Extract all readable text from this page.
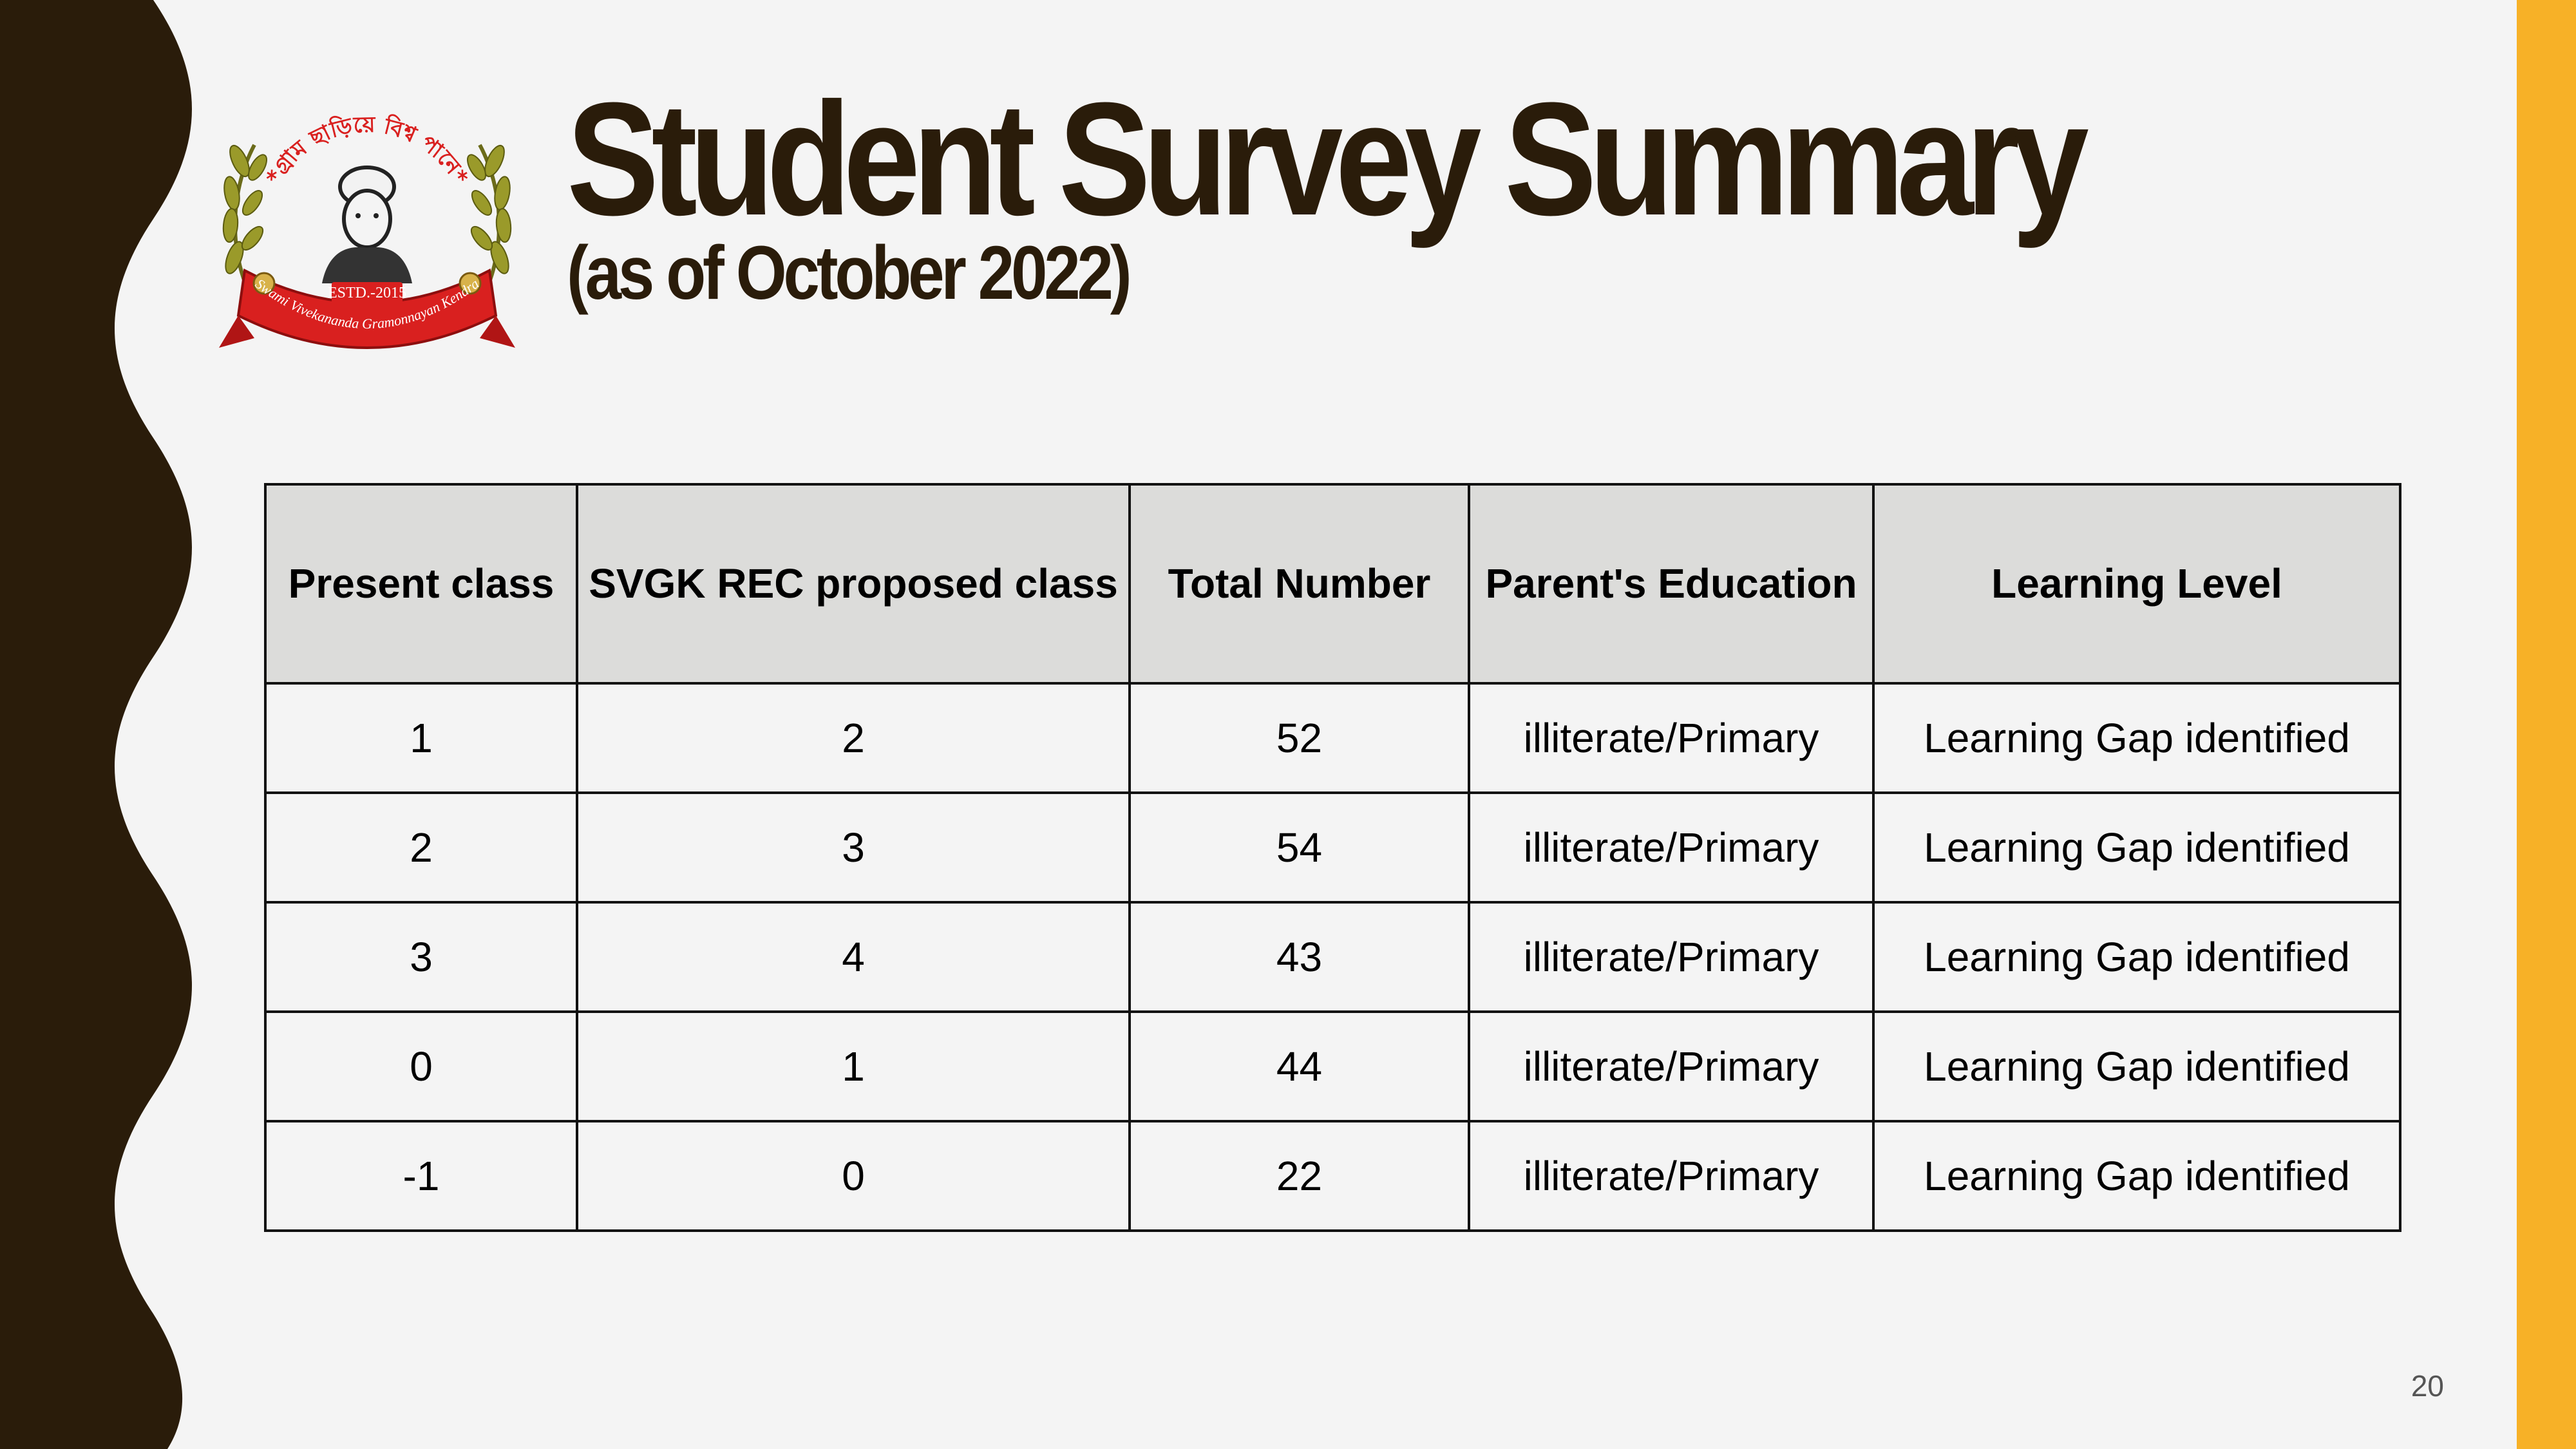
*গ্রাম ছাড়িয়ে বিশ্ব পানে*
ESTD.-2015
Swami Vivekananda Gramonnayan Kendra
Student Survey Summary
(as of October 2022)
Present class	SVGK REC proposed class	Total Number	Parent's Education	Learning Level
1	2	52	illiterate/Primary	Learning Gap identified
2	3	54	illiterate/Primary	Learning Gap identified
3	4	43	illiterate/Primary	Learning Gap identified
0	1	44	illiterate/Primary	Learning Gap identified
-1	0	22	illiterate/Primary	Learning Gap identified
20
